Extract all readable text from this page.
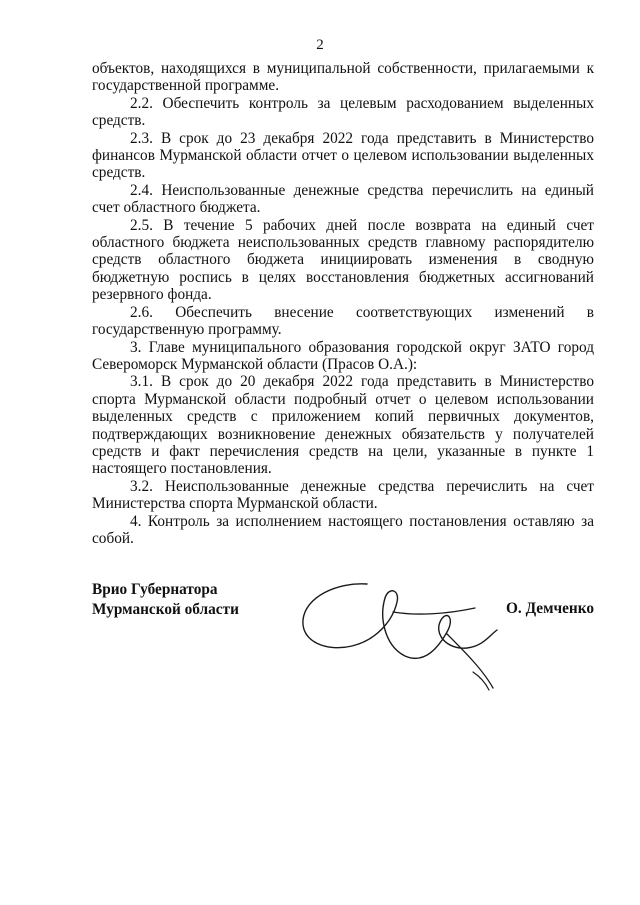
2

объектов, находящихся в муниципальной собственности, прилагаемыми к государственной программе.

2.2. Обеспечить контроль за целевым расходованием выделенных средств.

2.3. В срок до 23 декабря 2022 года представить в Министерство финансов Мурманской области отчет о целевом использовании выделенных средств.

2.4. Неиспользованные денежные средства перечислить на единый счет областного бюджета.

2.5. В течение 5 рабочих дней после возврата на единый счет областного бюджета неиспользованных средств главному распорядителю средств областного бюджета инициировать изменения в сводную бюджетную роспись в целях восстановления бюджетных ассигнований резервного фонда.

2.6. Обеспечить внесение соответствующих изменений в государственную программу.

3. Главе муниципального образования городской округ ЗАТО город Североморск Мурманской области (Прасов О.А.):

3.1. В срок до 20 декабря 2022 года представить в Министерство спорта Мурманской области подробный отчет о целевом использовании выделенных средств с приложением копий первичных документов, подтверждающих возникновение денежных обязательств у получателей средств и факт перечисления средств на цели, указанные в пункте 1 настоящего постановления.

3.2. Неиспользованные денежные средства перечислить на счет Министерства спорта Мурманской области.

4. Контроль за исполнением настоящего постановления оставляю за собой.

Врио Губернатора
Мурманской области	О. Демченко
